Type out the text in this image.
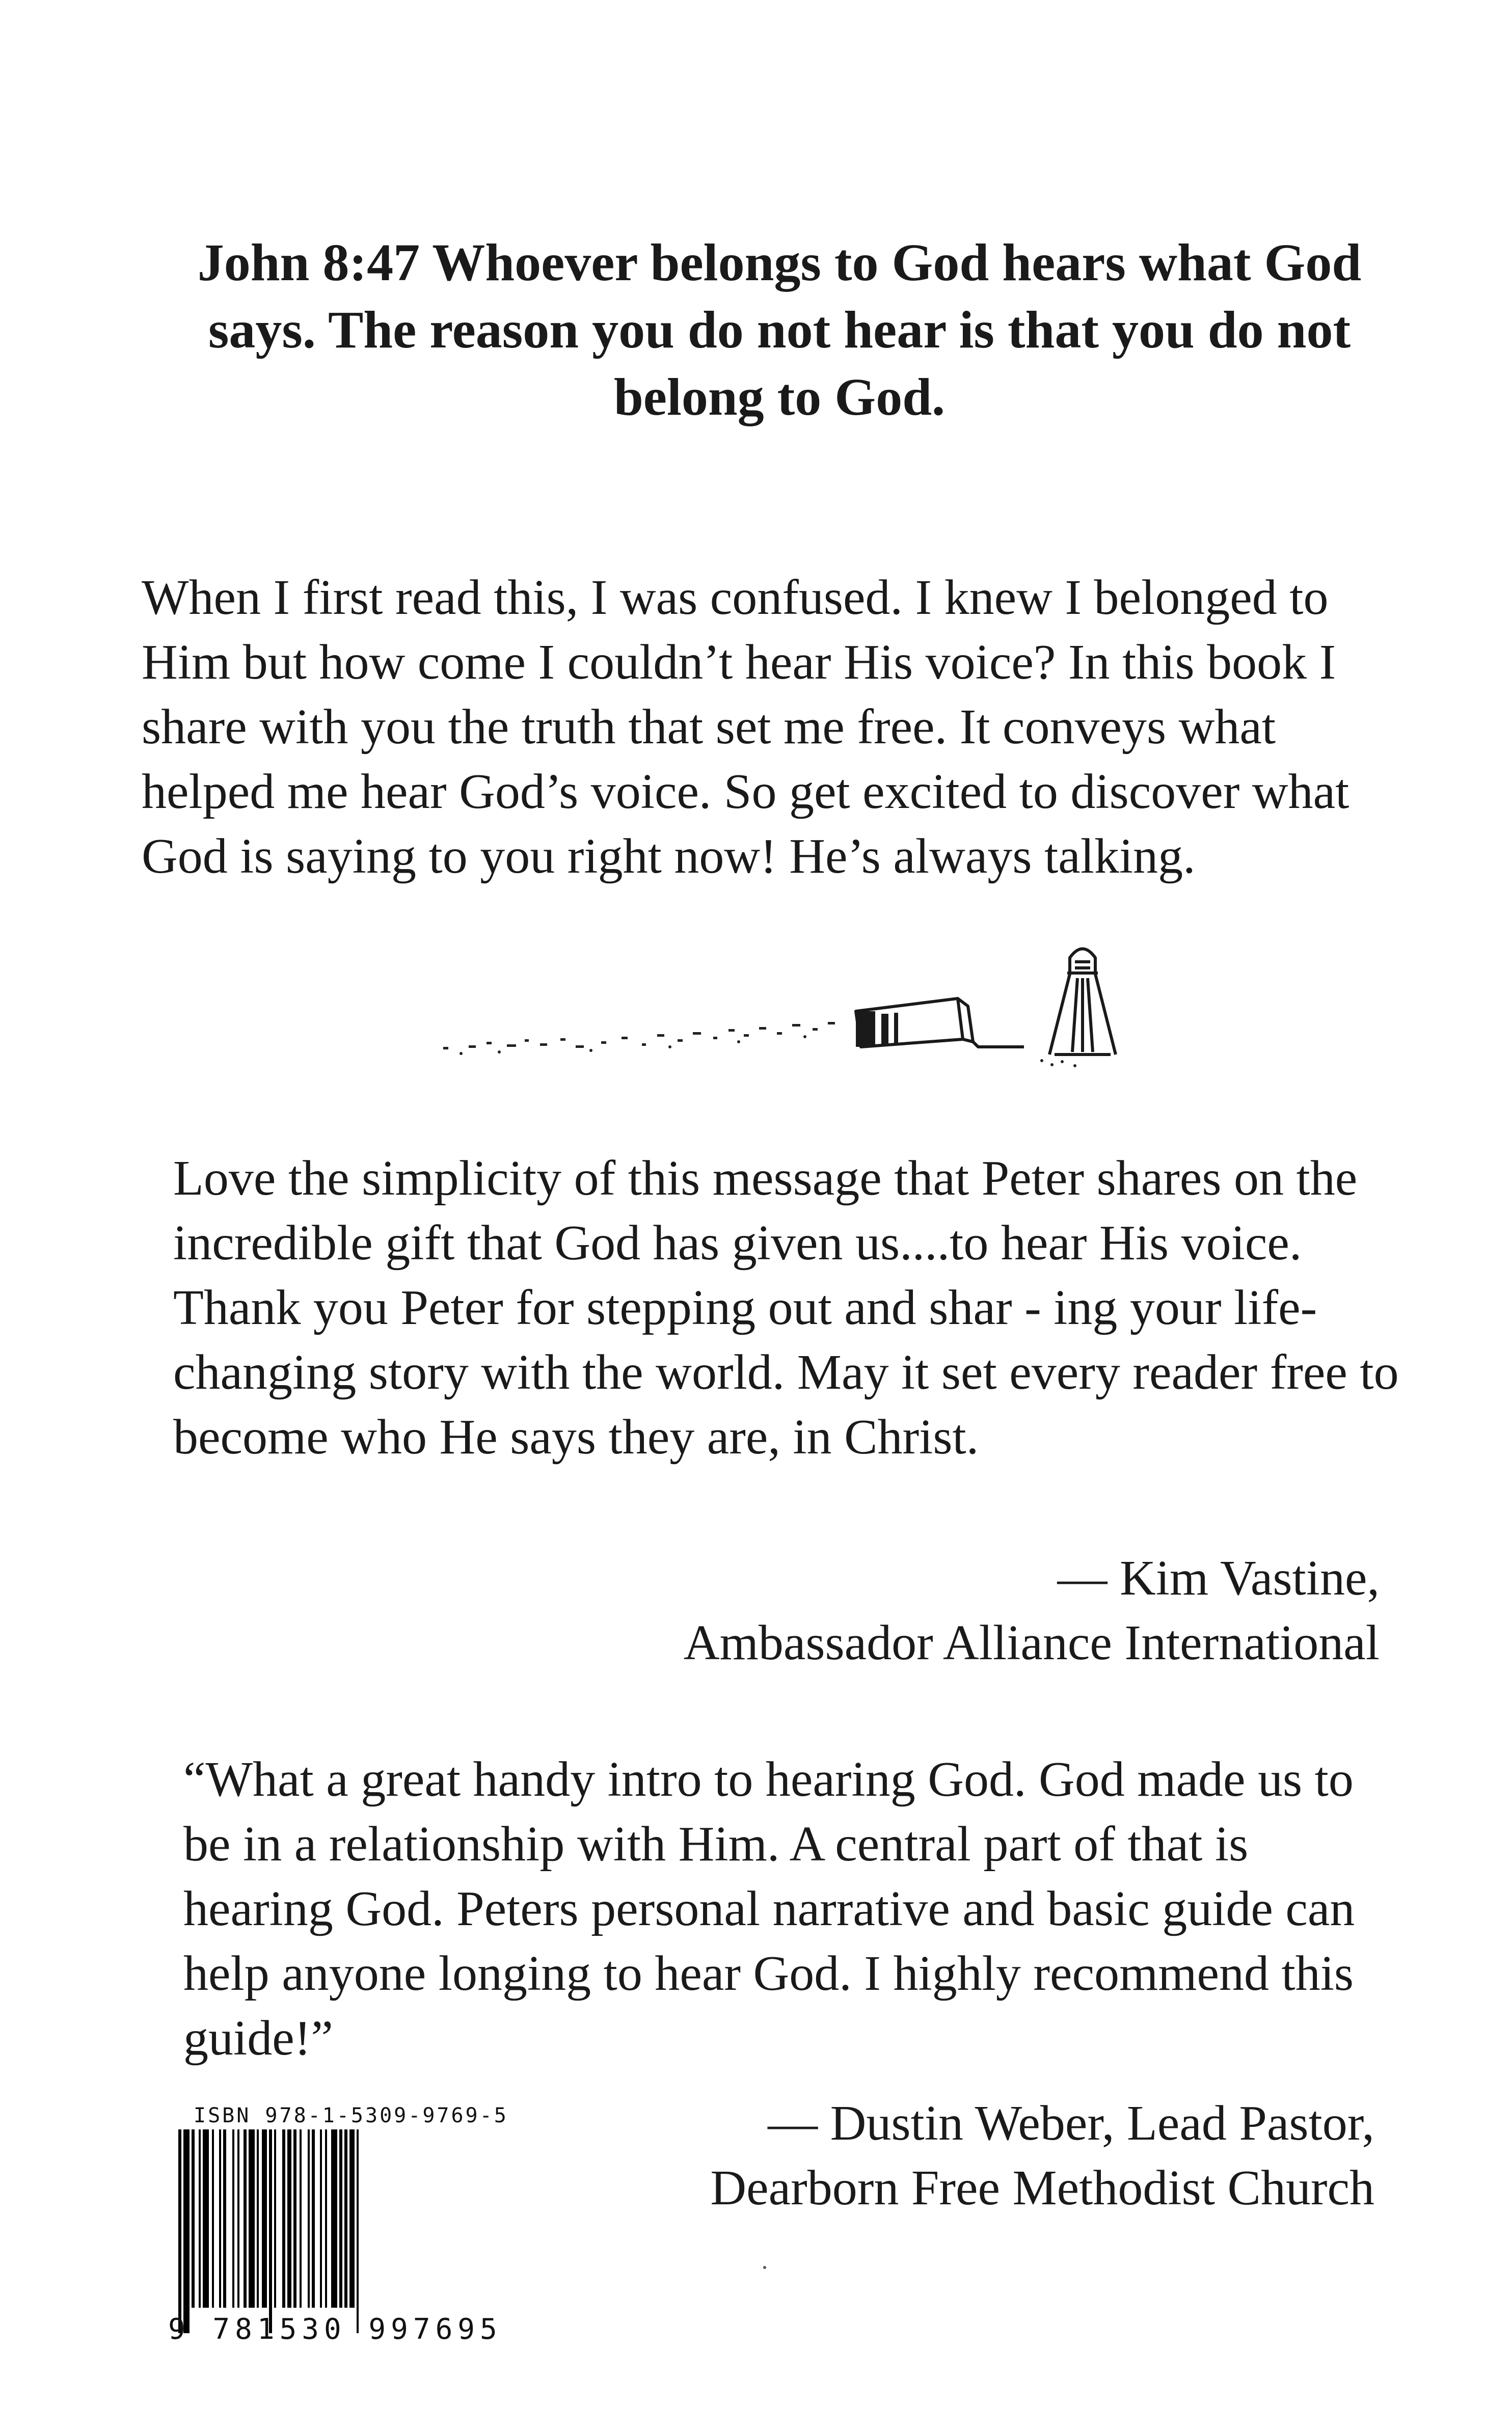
John 8:47 Whoever belongs to God hears what God says. The reason you do not hear is that you do not belong to God.
When I first read this, I was confused. I knew I belonged to Him but how come I couldn’t hear His voice? In this book I share with you the truth that set me free. It conveys what helped me hear God’s voice. So get excited to discover what God is saying to you right now! He’s always talking.
Love the simplicity of this message that Peter shares on the incredible gift that God has given us....to hear His voice. Thank you Peter for stepping out and shar - ing your life-changing story with the world. May it set every reader free to become who He says they are, in Christ.
— Kim Vastine,
Ambassador Alliance International
“What a great handy intro to hearing God. God made us to be in a relationship with Him. A central part of that is hearing God. Peters personal narrative and basic guide can help anyone longing to hear God. I highly recommend this guide!”
— Dustin Weber, Lead Pastor,
Dearborn Free Methodist Church
ISBN 978-1-5309-9769-5
9 781530 997695
